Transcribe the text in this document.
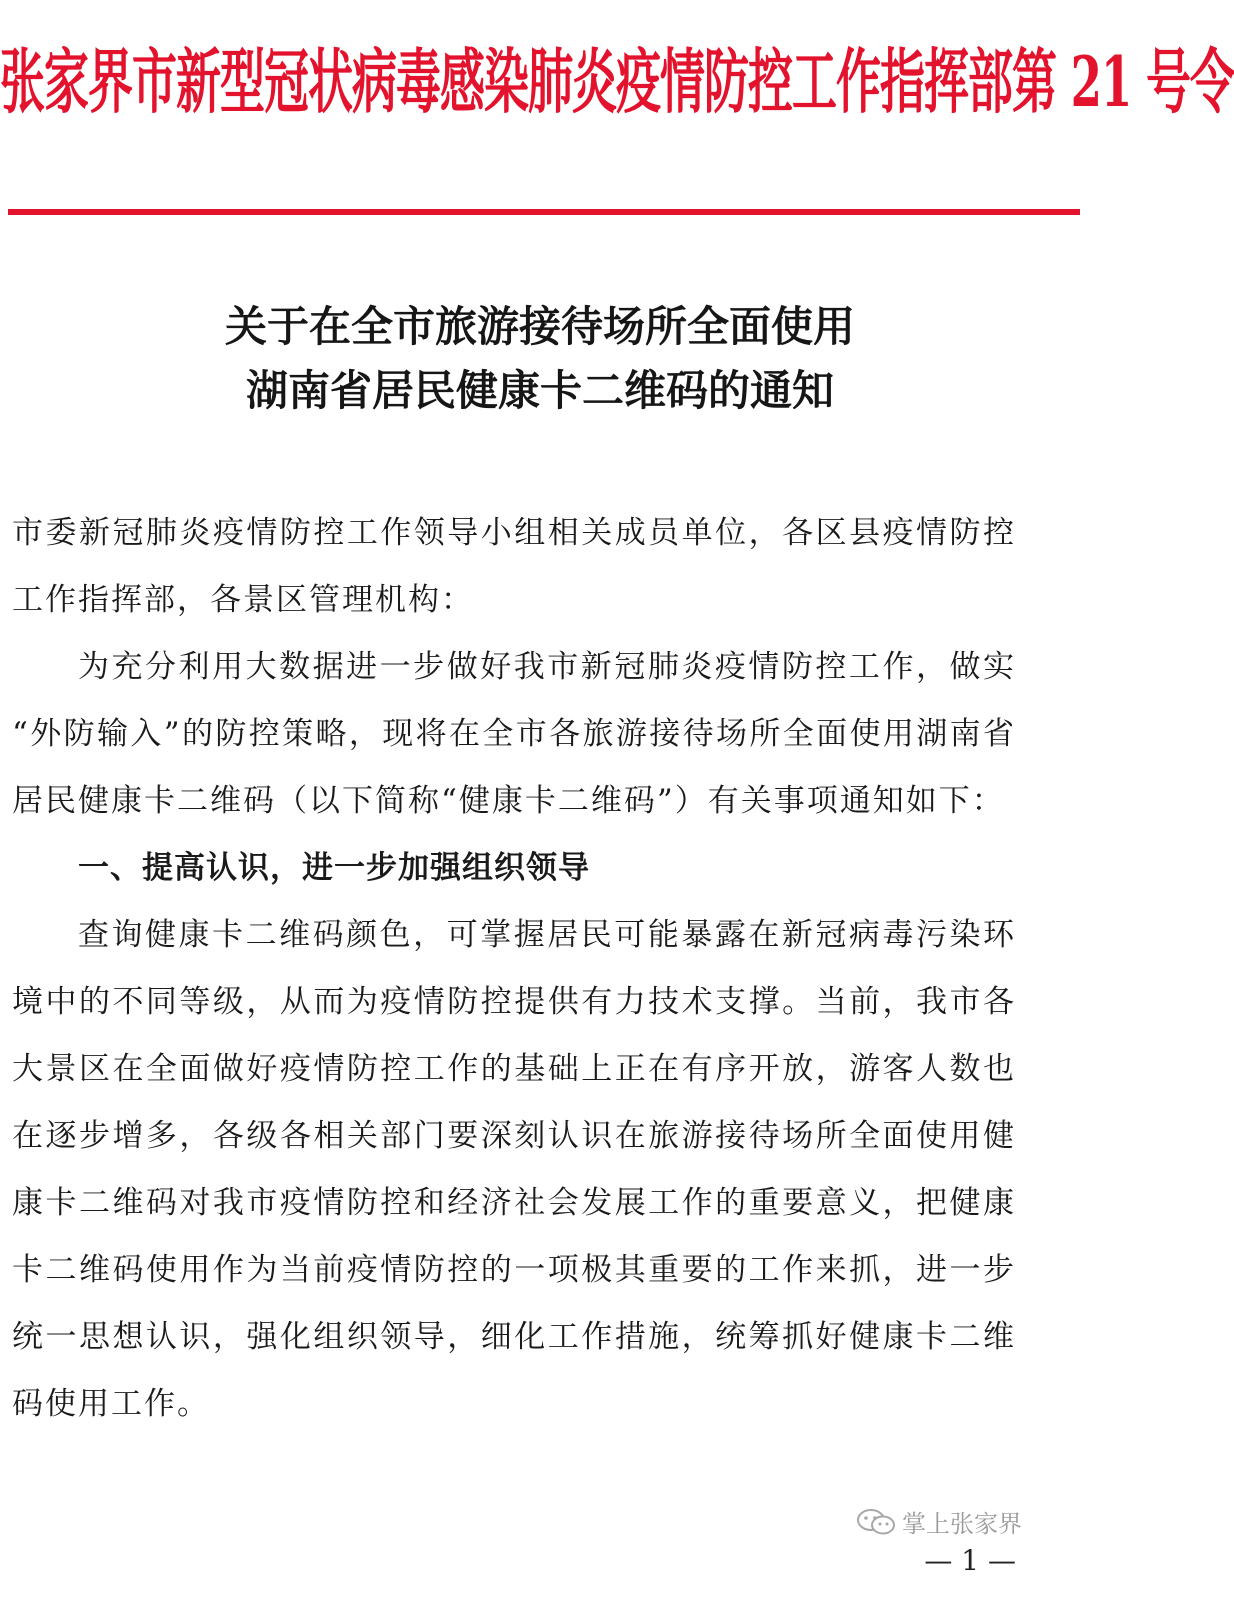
张家界市新型冠状病毒感染肺炎疫情防控工作指挥部第 21 号令
关于在全市旅游接待场所全面使用
湖南省居民健康卡二维码的通知

市委新冠肺炎疫情防控工作领导小组相关成员单位，各区县疫情防控工作指挥部，各景区管理机构：

为充分利用大数据进一步做好我市新冠肺炎疫情防控工作，做实 “外防输入”的防控策略，现将在全市各旅游接待场所全面使用湖南省居民健康卡二维码（以下简称“健康卡二维码”）有关事项通知如下：

一、提高认识，进一步加强组织领导

查询健康卡二维码颜色，可掌握居民可能暴露在新冠病毒污染环境中的不同等级，从而为疫情防控提供有力技术支撑。当前，我市各大景区在全面做好疫情防控工作的基础上正在有序开放，游客人数也在逐步增多，各级各相关部门要深刻认识在旅游接待场所全面使用健康卡二维码对我市疫情防控和经济社会发展工作的重要意义，把健康卡二维码使用作为当前疫情防控的一项极其重要的工作来抓，进一步统一思想认识，强化组织领导，细化工作措施，统筹抓好健康卡二维码使用工作。

掌上张家界
— 1 —
